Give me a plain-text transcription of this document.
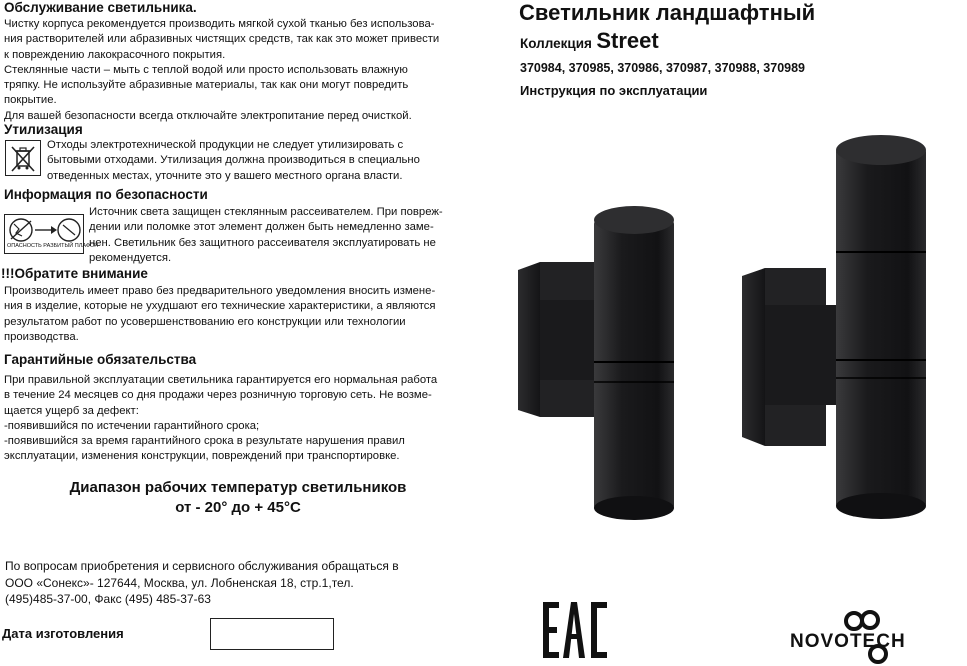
Обслуживание светильника.
Чистку корпуса рекомендуется производить мягкой сухой тканью без использова-
ния растворителей или абразивных чистящих средств, так как это может привести
к повреждению лакокрасочного покрытия.
Стеклянные части – мыть с теплой водой или просто использовать влажную
тряпку. Не используйте абразивные материалы, так как они могут повредить
покрытие.
Для вашей безопасности всегда отключайте электропитание перед очисткой.
Утилизация
Отходы электротехнической продукции не следует утилизировать с
бытовыми отходами. Утилизация должна производиться в специально
отведенных местах, уточните это у вашего местного органа власти.
Информация по безопасности
ОПАСНОСТЬ РАЗБИТЫЙ ПЛАФОН
Источник света защищен стеклянным рассеивателем. При повреж-
дении или поломке этот элемент должен быть немедленно заме-
нен. Светильник без защитного рассеивателя эксплуатировать не
рекомендуется.
!!!Обратите внимание
Производитель имеет право без предварительного уведомления вносить измене-
ния в изделие, которые не ухудшают его технические характеристики, а являются
результатом работ по усовершенствованию его конструкции или технологии
производства.
Гарантийные обязательства
При правильной эксплуатации светильника гарантируется его нормальная работа
в течение 24 месяцев со дня продажи через розничную торговую сеть. Не возме-
щается ущерб за дефект:
-появившийся по истечении гарантийного срока;
-появившийся за время гарантийного срока в результате нарушения правил
эксплуатации, изменения конструкции, повреждений при транспортировке.
Диапазон рабочих температур светильников
от - 20° до + 45°С
По вопросам приобретения и сервисного обслуживания обращаться в
ООО «Сонекс»- 127644, Москва, ул. Лобненская 18, стр.1,тел.
(495)485-37-00, Факс (495) 485-37-63
Дата изготовления
Светильник ландшафтный
Коллекция Street
370984, 370985, 370986, 370987, 370988, 370989
Инструкция по эксплуатации
NOVOTECH
